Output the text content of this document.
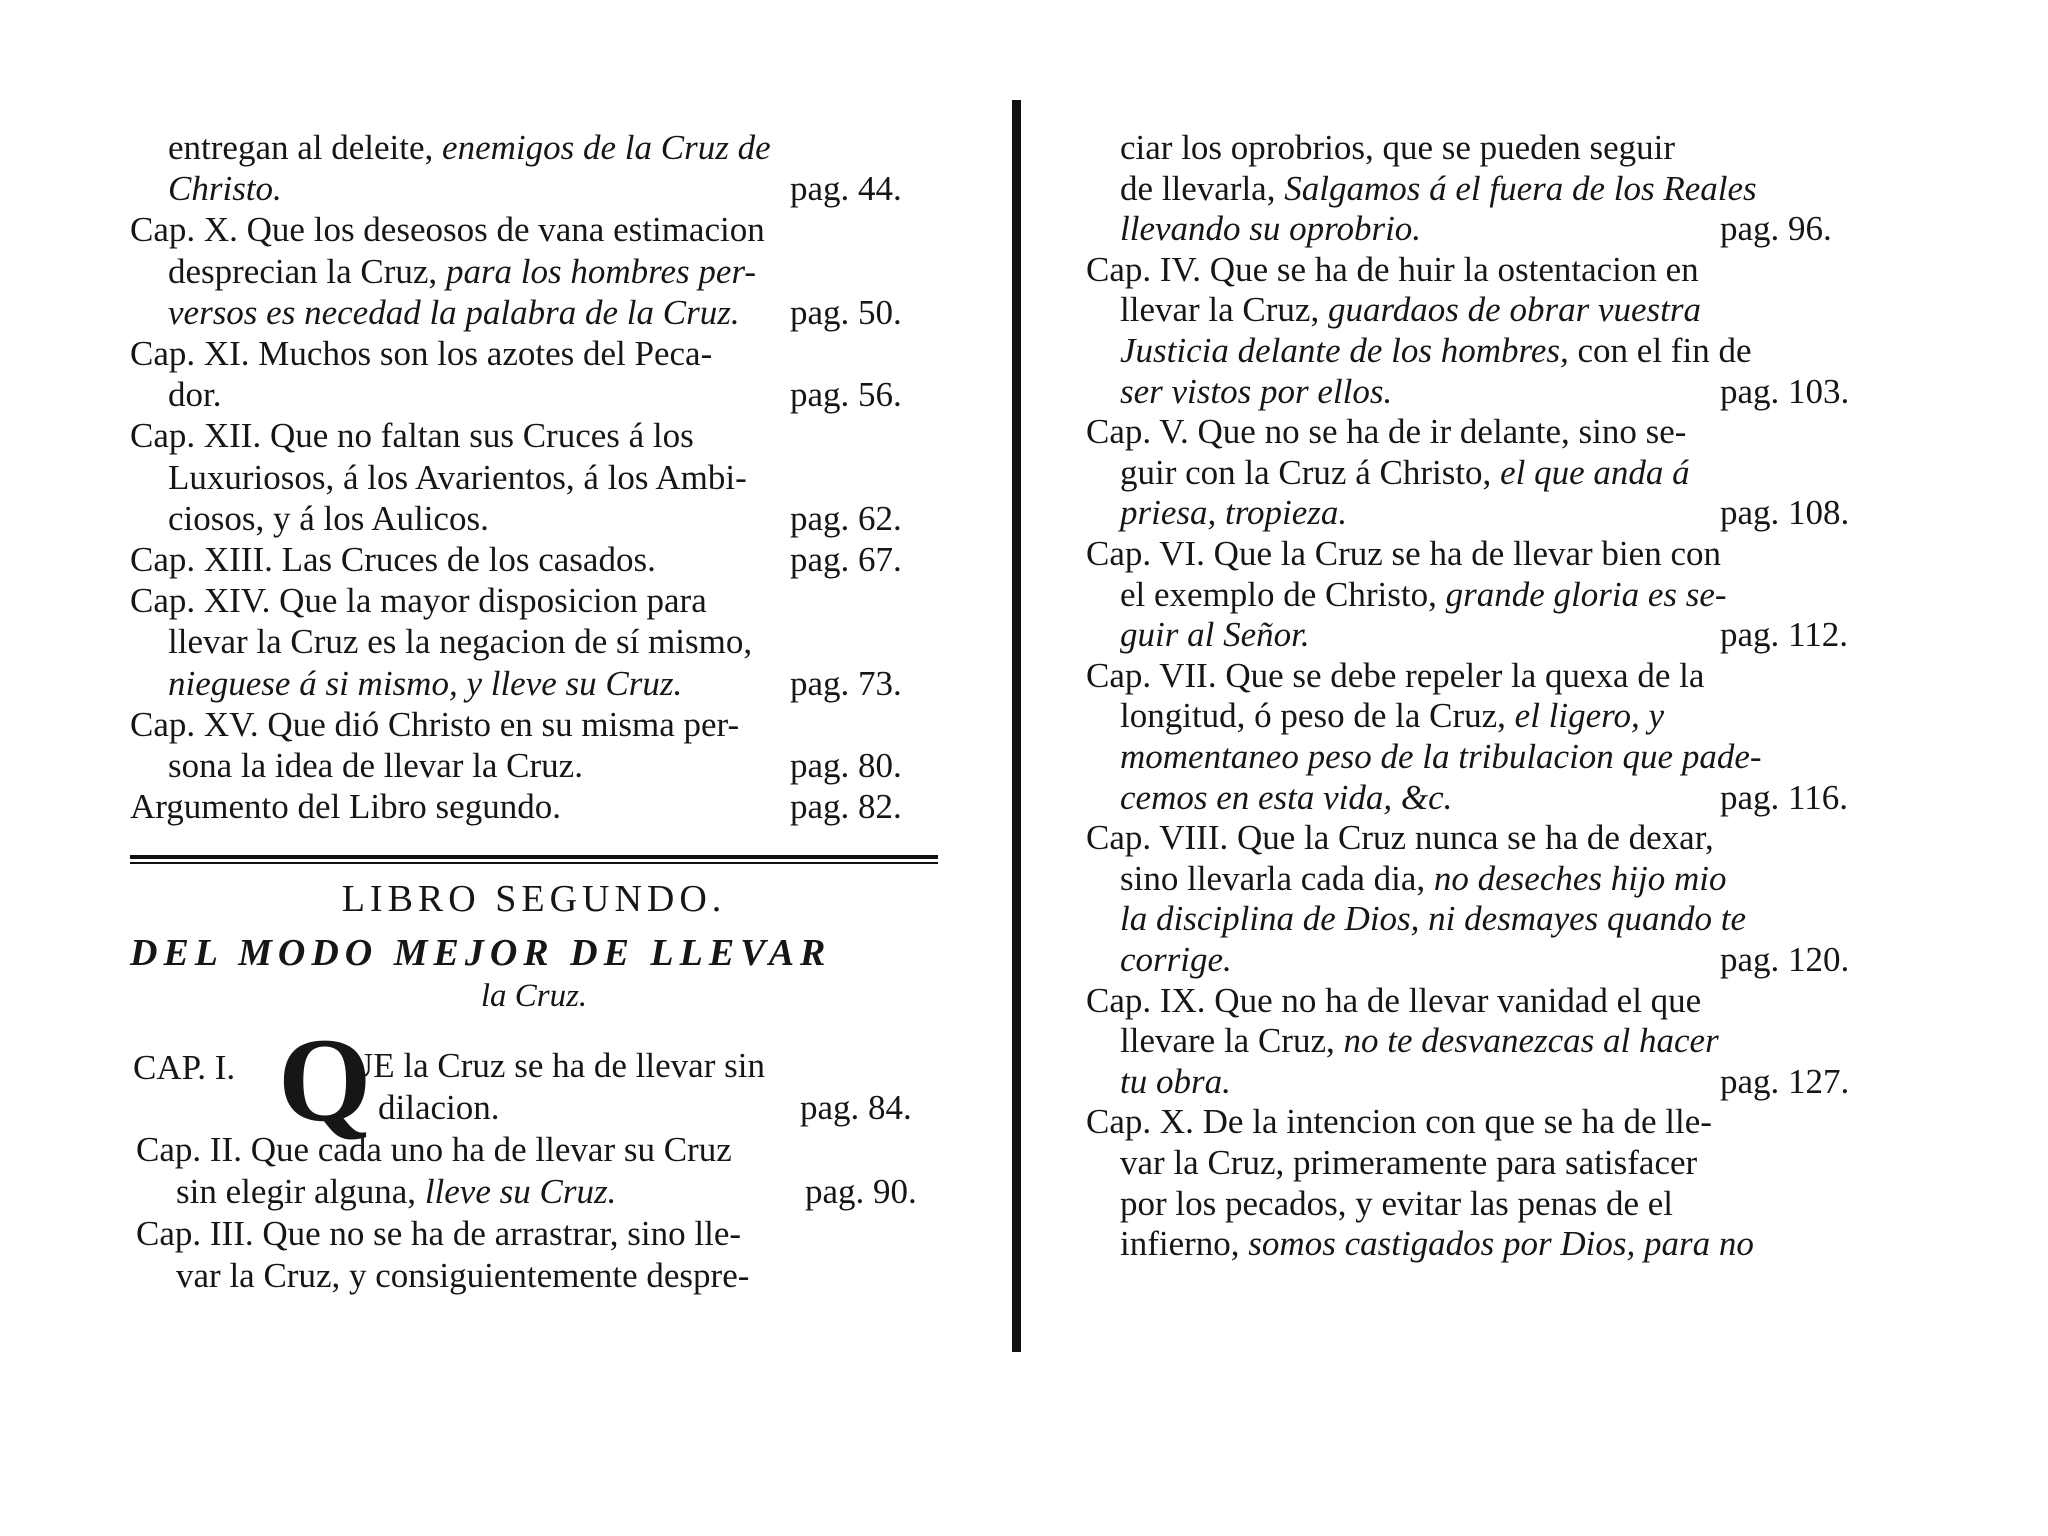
entregan al deleite, enemigos de la Cruz de
Christo.	pag. 44.
Cap. X. Que los deseosos de vana estimacion
desprecian la Cruz, para los hombres per-
versos es necedad la palabra de la Cruz. pag. 50.
Cap. XI. Muchos son los azotes del Peca-
dor.	pag. 56.
Cap. XII. Que no faltan sus Cruces á los
Luxuriosos, á los Avarientos, á los Ambi-
ciosos, y á los Aulicos.	pag. 62.
Cap. XIII. Las Cruces de los casados.	pag. 67.
Cap. XIV. Que la mayor disposicion para
llevar la Cruz es la negacion de sí mismo,
nieguese á si mismo, y lleve su Cruz.	pag. 73.
Cap. XV. Que dió Christo en su misma per-
sona la idea de llevar la Cruz.	pag. 80.
Argumento del Libro segundo.	pag. 82.
LIBRO SEGUNDO.
DEL MODO MEJOR DE LLEVAR
la Cruz.
CAP. I. Q
UE la Cruz se ha de llevar sin
dilacion.	pag. 84.
Cap. II. Que cada uno ha de llevar su Cruz
sin elegir alguna, lleve su Cruz.	pag. 90.
Cap. III. Que no se ha de arrastrar, sino lle-
var la Cruz, y consiguientemente despre-
ciar los oprobrios, que se pueden seguir
de llevarla, Salgamos á el fuera de los Reales
llevando su oprobrio.	pag. 96.
Cap. IV. Que se ha de huir la ostentacion en
llevar la Cruz, guardaos de obrar vuestra
Justicia delante de los hombres, con el fin de
ser vistos por ellos.	pag. 103.
Cap. V. Que no se ha de ir delante, sino se-
guir con la Cruz á Christo, el que anda á
priesa, tropieza.	pag. 108.
Cap. VI. Que la Cruz se ha de llevar bien con
el exemplo de Christo, grande gloria es se-
guir al Señor.	pag. 112.
Cap. VII. Que se debe repeler la quexa de la
longitud, ó peso de la Cruz, el ligero, y
momentaneo peso de la tribulacion que pade-
cemos en esta vida, &c.	pag. 116.
Cap. VIII. Que la Cruz nunca se ha de dexar,
sino llevarla cada dia, no deseches hijo mio
la disciplina de Dios, ni desmayes quando te
corrige.	pag. 120.
Cap. IX. Que no ha de llevar vanidad el que
llevare la Cruz, no te desvanezcas al hacer
tu obra.	pag. 127.
Cap. X. De la intencion con que se ha de lle-
var la Cruz, primeramente para satisfacer
por los pecados, y evitar las penas de el
infierno, somos castigados por Dios, para no
